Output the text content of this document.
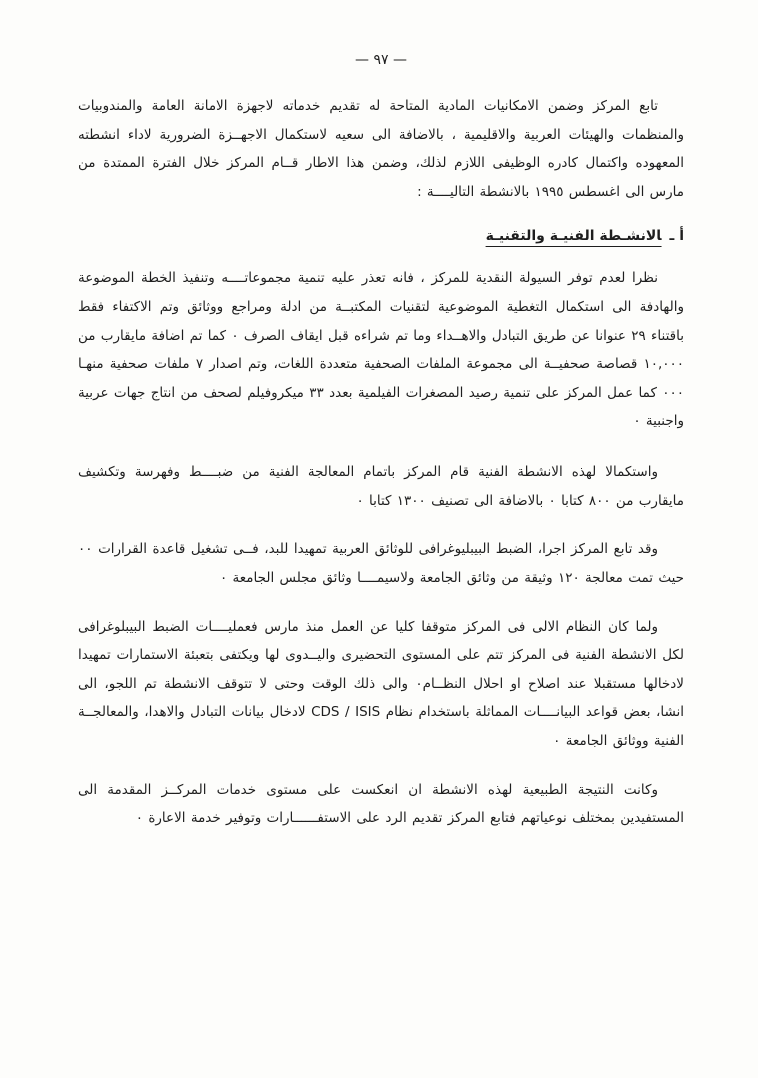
— ٩٧ —

تابع المركز وضمن الامكانيات المادية المتاحة له تقديم خدماته لاجهزة الامانة العامة والمندوبيات والمنظمات والهيئات العربية والاقليمية ، بالاضافة الى سعيه لاستكمال الاجهــزة الضرورية لاداء انشطته المعهوده واكتمال كادره الوظيفى اللازم لذلك، وضمن هذا الاطار قــام المركز خلال الفترة الممتدة من مارس الى اغسطس ١٩٩٥ بالانشطة التاليــــة :

أ ـالانشـطة الفنيـة والتقنيـة

نظرا لعدم توفر السيولة النقدية للمركز ، فانه تعذر عليه تنمية مجموعاتــــه وتنفيذ الخطة الموضوعة والهادفة الى استكمال التغطية الموضوعية لتقنيات المكتبــة من ادلة ومراجع ووثائق وتم الاكتفاء فقط باقتناء ٢٩ عنوانا عن طريق التبادل والاهــداء وما تم شراءه قبل ايقاف الصرف ٠ كما تم اضافة مايقارب من ١٠,٠٠٠ قصاصة صحفيــة الى مجموعة الملفات الصحفية متعددة اللغات، وتم اصدار ٧ ملفات صحفية منهـا ٠٠٠ كما عمل المركز على تنمية رصيد المصغرات الفيلمية بعدد ٣٣ ميكروفيلم لصحف من انتاج جهات عربية واجنبية ٠

واستكمالا لهذه الانشطة الفنية قام المركز باتمام المعالجة الفنية من ضبــــط وفهرسة وتكشيف مايقارب من ٨٠٠ كتابا ٠ بالاضافة الى تصنيف ١٣٠٠ كتابا ٠

وقد تابع المركز اجرا، الضبط البيبليوغرافى للوثائق العربية تمهيدا للبد، فــى تشغيل قاعدة القرارات ٠٠ حيث تمت معالجة ١٢٠ وثيقة من وثائق الجامعة ولاسيمــــا وثائق مجلس الجامعة ٠

ولما كان النظام الالى فى المركز متوقفا كليا عن العمل منذ مارس فعمليــــات الضبط البيبلوغرافى لكل الانشطة الفنية فى المركز تتم على المستوى التحضيرى واليــدوى لها ويكتفى بتعبئة الاستمارات تمهيدا لادخالها مستقبلا عند اصلاح او احلال النظــام٠ والى ذلك الوقت وحتى لا تتوقف الانشطة تم اللجو، الى انشا، بعض قواعد البيانــــات المماثلة باستخدام نظام CDS / ISIS لادخال بيانات التبادل والاهدا، والمعالجــة الفنية ووثائق الجامعة ٠

وكانت النتيجة الطبيعية لهذه الانشطة ان انعكست على مستوى خدمات المركــز المقدمة الى المستفيدين بمختلف نوعياتهم فتابع المركز تقديم الرد على الاستفــــــارات وتوفير خدمة الاعارة ٠
